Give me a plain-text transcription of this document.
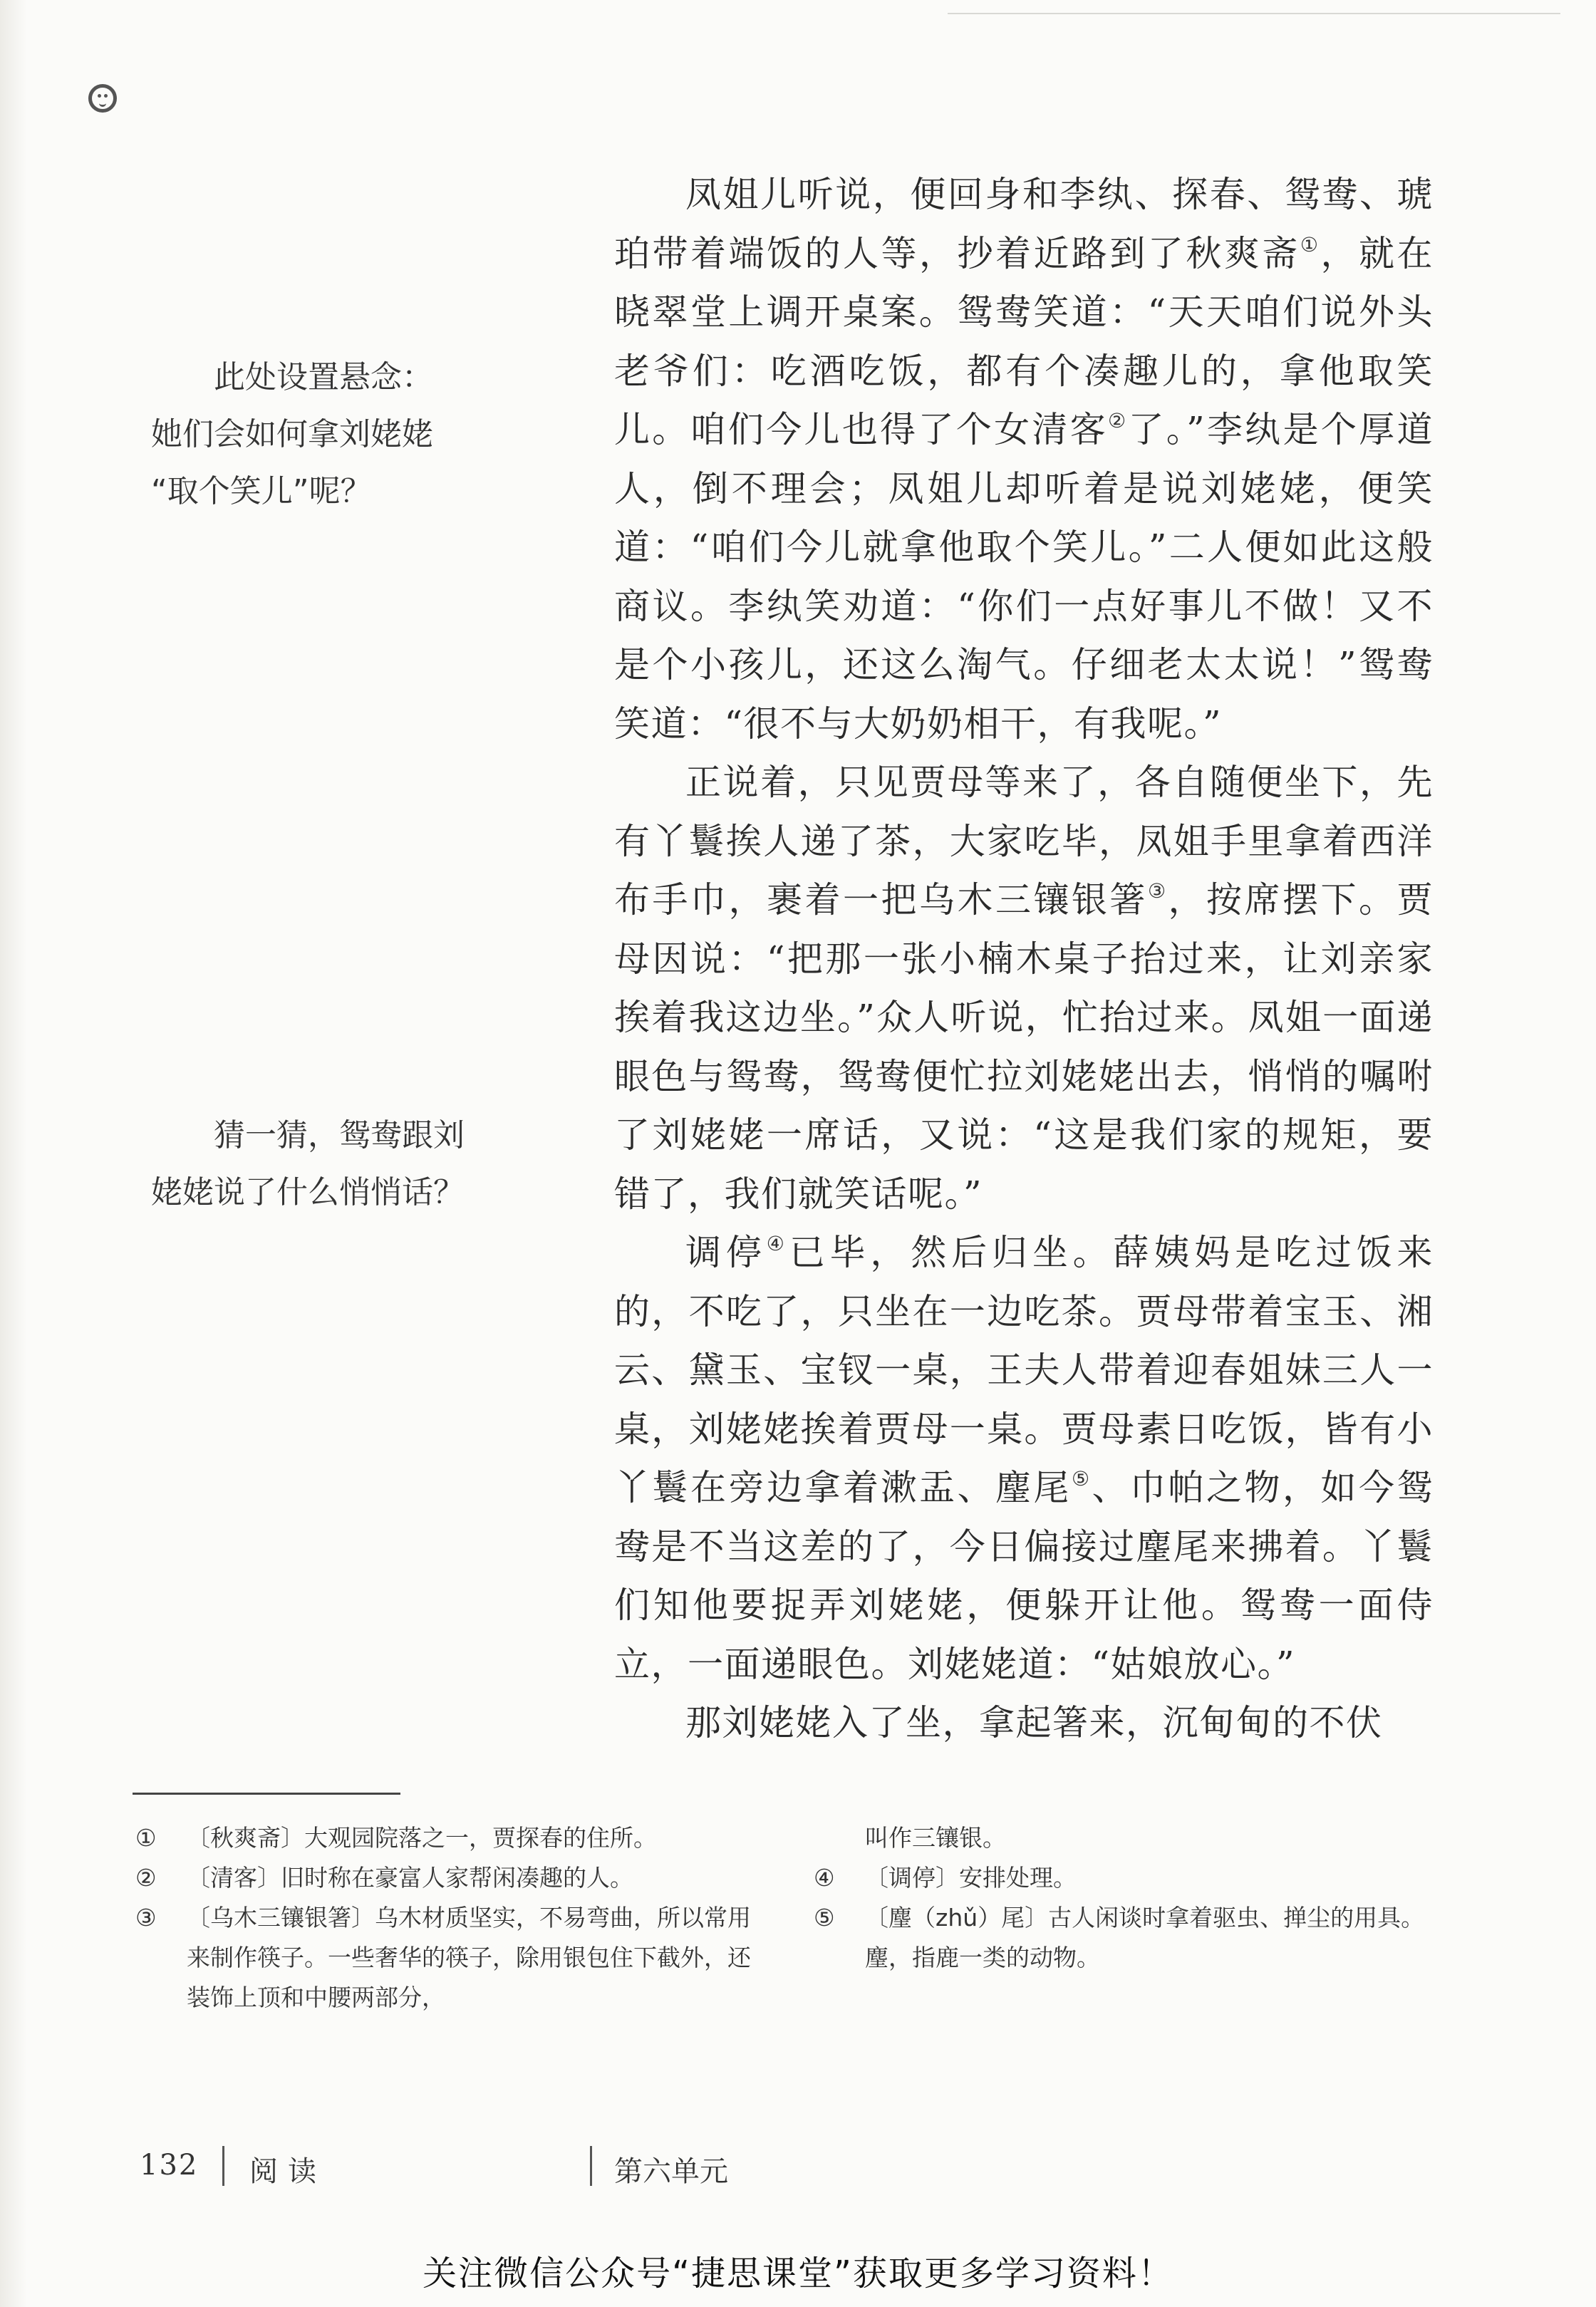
此处设置悬念：
她们会如何拿刘姥姥
“取个笑儿”呢？
猜一猜，鸳鸯跟刘
姥姥说了什么悄悄话？

凤姐儿听说，便回身和李纨、探春、鸳鸯、琥珀带着端饭的人等，抄着近路到了秋爽斋①，就在晓翠堂上调开桌案。鸳鸯笑道：“天天咱们说外头老爷们：吃酒吃饭，都有个凑趣儿的，拿他取笑儿。咱们今儿也得了个女清客②了。”李纨是个厚道人，倒不理会；凤姐儿却听着是说刘姥姥，便笑道：“咱们今儿就拿他取个笑儿。”二人便如此这般商议。李纨笑劝道：“你们一点好事儿不做！又不是个小孩儿，还这么淘气。仔细老太太说！”鸳鸯笑道：“很不与大奶奶相干，有我呢。”

正说着，只见贾母等来了，各自随便坐下，先有丫鬟挨人递了茶，大家吃毕，凤姐手里拿着西洋布手巾，裹着一把乌木三镶银箸③，按席摆下。贾母因说：“把那一张小楠木桌子抬过来，让刘亲家挨着我这边坐。”众人听说，忙抬过来。凤姐一面递眼色与鸳鸯，鸳鸯便忙拉刘姥姥出去，悄悄的嘱咐了刘姥姥一席话，又说：“这是我们家的规矩，要错了，我们就笑话呢。”

调停④已毕，然后归坐。薛姨妈是吃过饭来的，不吃了，只坐在一边吃茶。贾母带着宝玉、湘云、黛玉、宝钗一桌，王夫人带着迎春姐妹三人一桌，刘姥姥挨着贾母一桌。贾母素日吃饭，皆有小丫鬟在旁边拿着漱盂、麈尾⑤、巾帕之物，如今鸳鸯是不当这差的了，今日偏接过麈尾来拂着。丫鬟们知他要捉弄刘姥姥，便躲开让他。鸳鸯一面侍立，一面递眼色。刘姥姥道：“姑娘放心。”

那刘姥姥入了坐，拿起箸来，沉甸甸的不伏

① 〔秋爽斋〕大观园院落之一，贾探春的住所。
② 〔清客〕旧时称在豪富人家帮闲凑趣的人。
③ 〔乌木三镶银箸〕乌木材质坚实，不易弯曲，所以常用来制作筷子。一些奢华的筷子，除用银包住下截外，还装饰上顶和中腰两部分，
叫作三镶银。
④ 〔调停〕安排处理。
⑤ 〔麈（zhǔ）尾〕古人闲谈时拿着驱虫、掸尘的用具。麈，指鹿一类的动物。
132 阅读	第六单元
关注微信公众号“捷思课堂”获取更多学习资料！
